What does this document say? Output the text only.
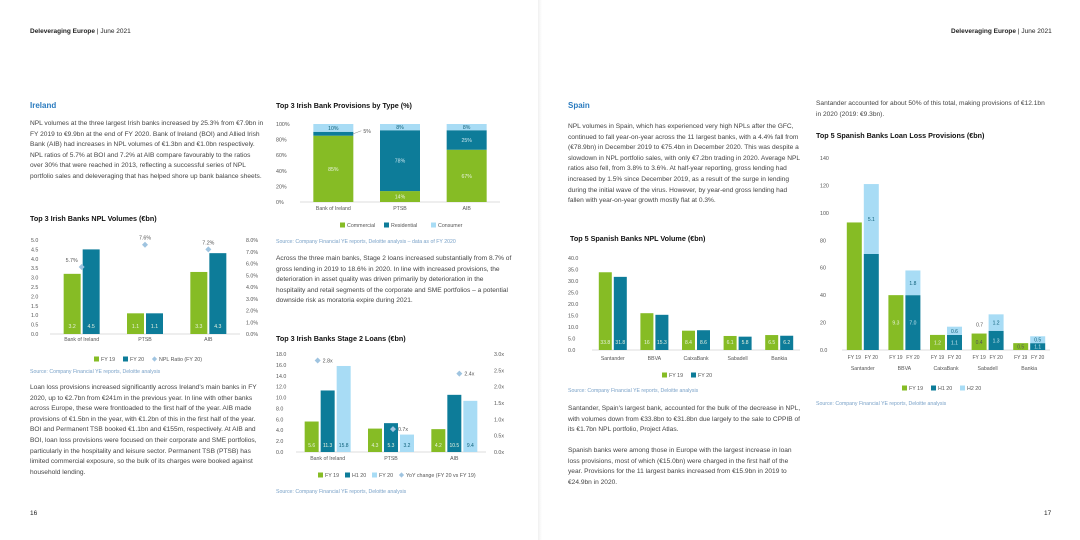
Deleveraging Europe | June 2021	Deleveraging Europe | June 2021
Ireland
NPL volumes at the three largest Irish banks increased by 25.3% from €7.9bn in FY 2019 to €9.9bn at the end of FY 2020. Bank of Ireland (BOI) and Allied Irish Bank (AIB) had increases in NPL volumes of €1.3bn and €1.0bn respectively. NPL ratios of 5.7% at BOI and 7.2% at AIB compare favourably to the ratios over 30% that were reached in 2013, reflecting a successful series of NPL portfolio sales and deleveraging that has helped shore up bank balance sheets.
Top 3 Irish Banks NPL Volumes (€bn)
0.0
0.5
1.0
1.5
2.0
2.5
3.0
3.5
4.0
4.5
5.0
0.0%
1.0%
2.0%
3.0%
4.0%
5.0%
6.0%
7.0%
8.0%
3.2 4.5
5.7%
Bank of Ireland
1.1 1.1
7.6%
PTSB
3.3 4.3
7.2%
AIB
FY 19	FY 20	NPL Ratio (FY 20)
Source: Company Financial YE reports, Deloitte analysis
Loan loss provisions increased significantly across Ireland's main banks in FY 2020, up to €2.7bn from €241m in the previous year. In line with other banks across Europe, these were frontloaded to the first half of the year. AIB made provisions of €1.5bn in the year, with €1.2bn of this in the first half of the year. BOI and Permanent TSB booked €1.1bn and €155m, respectively. At AIB and BOI, loan loss provisions were focused on their corporate and SME portfolios, particularly in the hospitality and leisure sector. Permanent TSB (PTSB) has limited commercial exposure, so the bulk of its charges were booked against household lending.
Top 3 Irish Bank Provisions by Type (%)
0%
20%
40%
60%
80%
100%
85%
5%
10%
Bank of Ireland
14%
78%
8%
PTSB
67%
25%
8%
AIB
Commercial	Residential	Consumer
Source: Company Financial YE reports, Deloitte analysis – data as of FY 2020
Across the three main banks, Stage 2 loans increased substantially from 8.7% of gross lending in 2019 to 18.6% in 2020. In line with increased provisions, the deterioration in asset quality was driven primarily by deterioration in the hospitality and retail segments of the corporate and SME portfolios – a potential downside risk as moratoria expire during 2021.
Top 3 Irish Banks Stage 2 Loans (€bn)
0.0
2.0
4.0
6.0
8.0
10.0
12.0
14.0
16.0
18.0
0.0x
0.5x
1.0x
1.5x
2.0x
2.5x
3.0x
5.6 11.3 15.8
2.8x
Bank of Ireland
4.3 5.3 3.2
0.7x
PTSB
4.2 10.5 9.4
2.4x
AIB
FY 19 H1 20 FY 20 YoY change (FY 20 vs FY 19)
Source: Company Financial YE reports, Deloitte analysis
16
Spain
NPL volumes in Spain, which has experienced very high NPLs after the GFC, continued to fall year-on-year across the 11 largest banks, with a 4.4% fall from (€78.9bn) in December 2019 to €75.4bn in December 2020. This was despite a slowdown in NPL portfolio sales, with only €7.2bn trading in 2020. Average NPL ratios also fell, from 3.8% to 3.6%. At half-year reporting, gross lending had increased by 1.5% since December 2019, as a result of the surge in lending during the initial wave of the virus. However, by year-end gross lending had fallen with year-on-year growth mostly flat at 0.3%.
Top 5 Spanish Banks NPL Volume (€bn)
0.0
5.0
10.0
15.0
20.0
25.0
30.0
35.0
40.0
33.8 31.8
Santander
16 15.3
BBVA
8.4 8.6
CaixaBank
6.1 5.8
Sabadell
6.5 6.2
Bankia
FY 19	FY 20
Source: Company Financial YE reports, Deloitte analysis
Santander, Spain's largest bank, accounted for the bulk of the decrease in NPL, with volumes down from €33.8bn to €31.8bn due largely to the sale to CPPIB of its €1.7bn NPL portfolio, Project Atlas.
Spanish banks were among those in Europe with the largest increase in loan loss provisions, most of which (€15.0bn) were charged in the first half of the year. Provisions for the 11 largest banks increased from €15.9bn in 2019 to €24.9bn in 2020.
Santander accounted for about 50% of this total, making provisions of €12.1bn in 2020 (2019: €9.3bn).
Top 5 Spanish Banks Loan Loss Provisions (€bn)
0.0
20
40
60
80
100
120
140
5.1
FY 19 FY 20
Santander
9.3 7.0
1.8
FY 19 FY 20
BBVA
1.2 1.1
0.6
FY 19 FY 20
CaixaBank
0.4 1.3
1.2
FY 19 FY 20
Sabadell
0.5 1.1
0.5
FY 19 FY 20
Bankia
0.7
FY 19	H1 20	H2 20
Source: Company Financial YE reports, Deloitte analysis
17
